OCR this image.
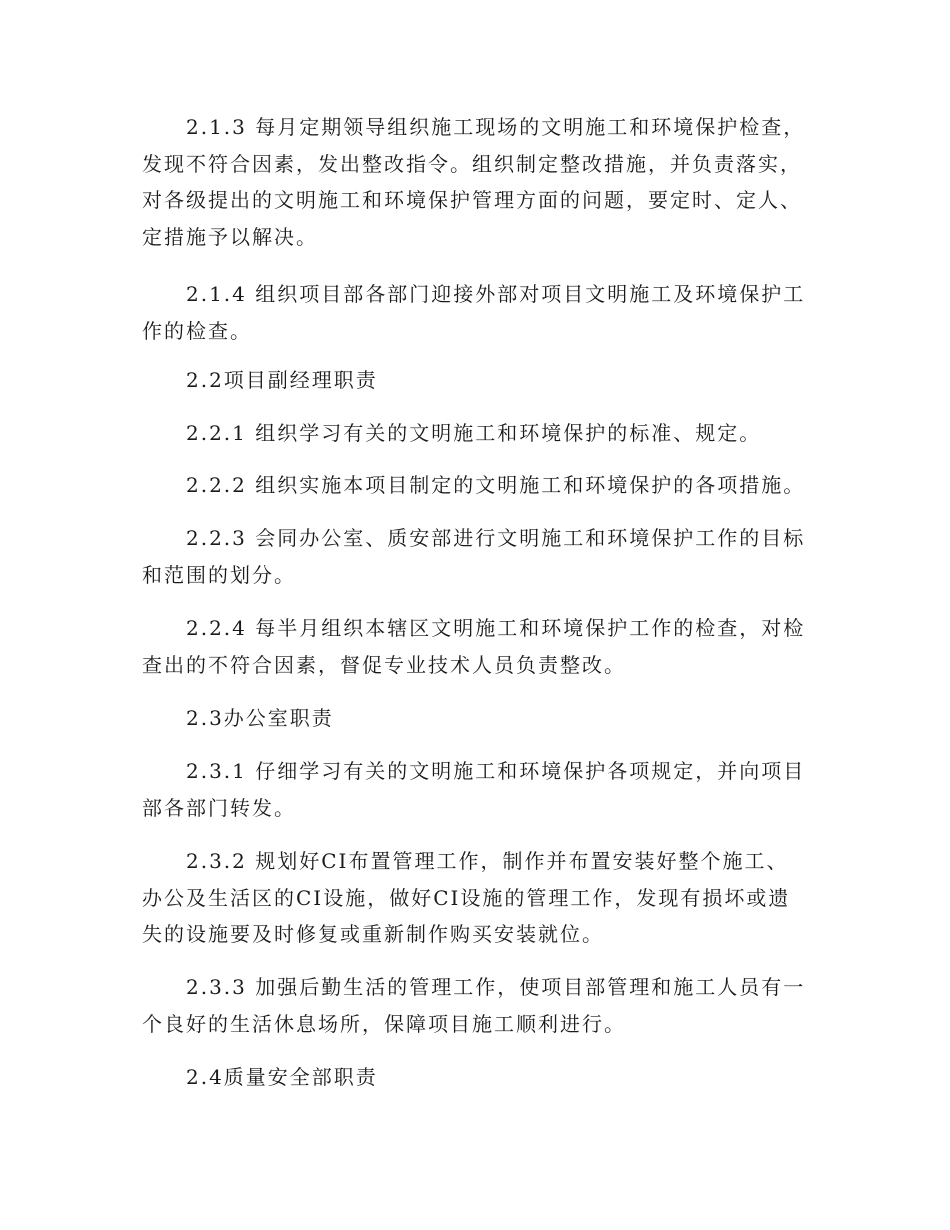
2.1.3 每月定期领导组织施工现场的文明施工和环境保护检查，发现不符合因素，发出整改指令。组织制定整改措施，并负责落实，对各级提出的文明施工和环境保护管理方面的问题，要定时、定人、定措施予以解决。

2.1.4 组织项目部各部门迎接外部对项目文明施工及环境保护工作的检查。

2.2项目副经理职责

2.2.1 组织学习有关的文明施工和环境保护的标准、规定。

2.2.2 组织实施本项目制定的文明施工和环境保护的各项措施。

2.2.3 会同办公室、质安部进行文明施工和环境保护工作的目标和范围的划分。

2.2.4 每半月组织本辖区文明施工和环境保护工作的检查，对检查出的不符合因素，督促专业技术人员负责整改。

2.3办公室职责

2.3.1 仔细学习有关的文明施工和环境保护各项规定，并向项目部各部门转发。

2.3.2 规划好CI布置管理工作，制作并布置安装好整个施工、办公及生活区的CI设施，做好CI设施的管理工作，发现有损坏或遗失的设施要及时修复或重新制作购买安装就位。

2.3.3 加强后勤生活的管理工作，使项目部管理和施工人员有一个良好的生活休息场所，保障项目施工顺利进行。

2.4质量安全部职责
